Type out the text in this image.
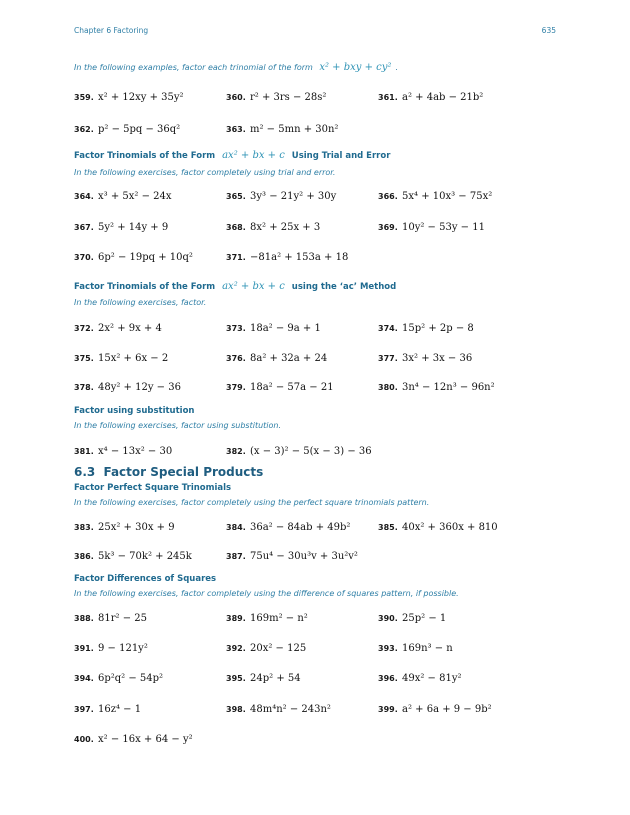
Chapter 6 Factoring	635
In the following examples, factor each trinomial of the form x² + bxy + cy² .
359. x² + 12xy + 35y²	360. r² + 3rs − 28s²	361. a² + 4ab − 21b²
362. p² − 5pq − 36q²	363. m² − 5mn + 30n²
Factor Trinomials of the Form ax² + bx + c Using Trial and Error
In the following exercises, factor completely using trial and error.
364. x³ + 5x² − 24x	365. 3y³ − 21y² + 30y	366. 5x⁴ + 10x³ − 75x²
367. 5y² + 14y + 9	368. 8x² + 25x + 3	369. 10y² − 53y − 11
370. 6p² − 19pq + 10q²	371. −81a² + 153a + 18
Factor Trinomials of the Form ax² + bx + c using the ‘ac’ Method
In the following exercises, factor.
372. 2x² + 9x + 4	373. 18a² − 9a + 1	374. 15p² + 2p − 8
375. 15x² + 6x − 2	376. 8a² + 32a + 24	377. 3x² + 3x − 36
378. 48y² + 12y − 36	379. 18a² − 57a − 21	380. 3n⁴ − 12n³ − 96n²
Factor using substitution
In the following exercises, factor using substitution.
381. x⁴ − 13x² − 30	382. (x − 3)² − 5(x − 3) − 36
6.3 Factor Special Products
Factor Perfect Square Trinomials
In the following exercises, factor completely using the perfect square trinomials pattern.
383. 25x² + 30x + 9	384. 36a² − 84ab + 49b²	385. 40x² + 360x + 810
386. 5k³ − 70k² + 245k	387. 75u⁴ − 30u³v + 3u²v²
Factor Differences of Squares
In the following exercises, factor completely using the difference of squares pattern, if possible.
388. 81r² − 25	389. 169m² − n²	390. 25p² − 1
391. 9 − 121y²	392. 20x² − 125	393. 169n³ − n
394. 6p²q² − 54p²	395. 24p² + 54	396. 49x² − 81y²
397. 16z⁴ − 1	398. 48m⁴n² − 243n²	399. a² + 6a + 9 − 9b²
400. x² − 16x + 64 − y²
